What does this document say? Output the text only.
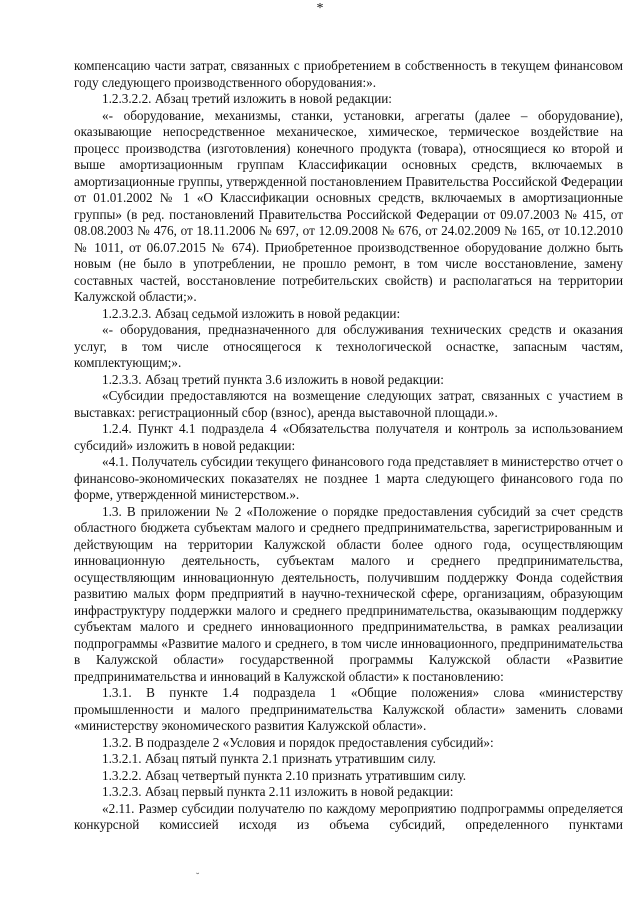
*

компенсацию части затрат, связанных с приобретением в собственность в текущем финансовом году следующего производственного оборудования:».

1.2.3.2.2. Абзац третий изложить в новой редакции:

«- оборудование, механизмы, станки, установки, агрегаты (далее – оборудование), оказывающие непосредственное механическое, химическое, термическое воздействие на процесс производства (изготовления) конечного продукта (товара), относящиеся ко второй и выше амортизационным группам Классификации основных средств, включаемых в амортизационные группы, утвержденной постановлением Правительства Российской Федерации от 01.01.2002 № 1 «О Классификации основных средств, включаемых в амортизационные группы» (в ред. постановлений Правительства Российской Федерации от 09.07.2003 № 415, от 08.08.2003 № 476, от 18.11.2006 № 697, от 12.09.2008 № 676, от 24.02.2009 № 165, от 10.12.2010 № 1011, от 06.07.2015 № 674). Приобретенное производственное оборудование должно быть новым (не было в употреблении, не прошло ремонт, в том числе восстановление, замену составных частей, восстановление потребительских свойств) и располагаться на территории Калужской области;».

1.2.3.2.3. Абзац седьмой изложить в новой редакции:

«- оборудования, предназначенного для обслуживания технических средств и оказания услуг, в том числе относящегося к технологической оснастке, запасным частям, комплектующим;».

1.2.3.3. Абзац третий пункта 3.6 изложить в новой редакции:

«Субсидии предоставляются на возмещение следующих затрат, связанных с участием в выставках: регистрационный сбор (взнос), аренда выставочной площади.».

1.2.4. Пункт 4.1 подраздела 4 «Обязательства получателя и контроль за использованием субсидий» изложить в новой редакции:

«4.1. Получатель субсидии текущего финансового года представляет в министерство отчет о финансово-экономических показателях не позднее 1 марта следующего финансового года по форме, утвержденной министерством.».

1.3. В приложении № 2 «Положение о порядке предоставления субсидий за счет средств областного бюджета субъектам малого и среднего предпринимательства, зарегистрированным и действующим на территории Калужской области более одного года, осуществляющим инновационную деятельность, субъектам малого и среднего предпринимательства, осуществляющим инновационную деятельность, получившим поддержку Фонда содействия развитию малых форм предприятий в научно-технической сфере, организациям, образующим инфраструктуру поддержки малого и среднего предпринимательства, оказывающим поддержку субъектам малого и среднего инновационного предпринимательства, в рамках реализации подпрограммы «Развитие малого и среднего, в том числе инновационного, предпринимательства в Калужской области» государственной программы Калужской области «Развитие предпринимательства и инноваций в Калужской области» к постановлению:

1.3.1. В пункте 1.4 подраздела 1 «Общие положения» слова «министерству промышленности и малого предпринимательства Калужской области» заменить словами «министерству экономического развития Калужской области».

1.3.2. В подразделе 2 «Условия и порядок предоставления субсидий»:

1.3.2.1. Абзац пятый пункта 2.1 признать утратившим силу.

1.3.2.2. Абзац четвертый пункта 2.10 признать утратившим силу.

1.3.2.3. Абзац первый пункта 2.11 изложить в новой редакции:

«2.11. Размер субсидии получателю по каждому мероприятию подпрограммы определяется конкурсной комиссией исходя из объема субсидий, определенного пунктами

˘
